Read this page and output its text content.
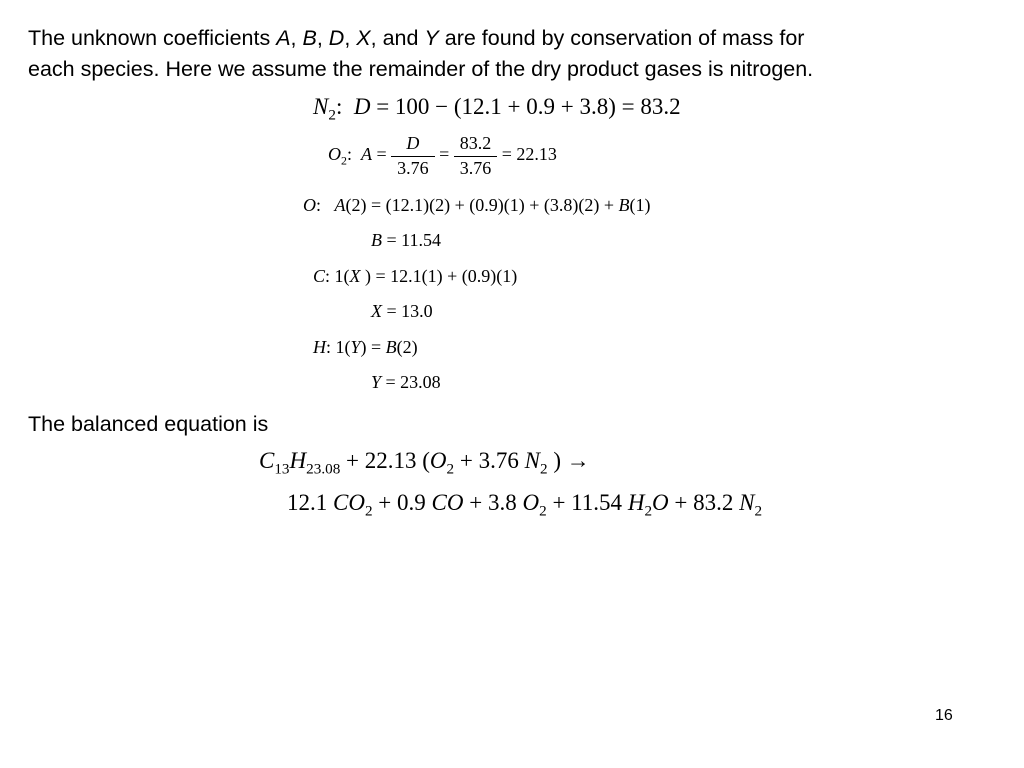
The unknown coefficients A, B, D, X, and Y are found by conservation of mass for
each species. Here we assume the remainder of the dry product gases is nitrogen.

$N_2$: D = 100 − (12.1 + 0.9 + 3.8) = 83.2
$O_2$: $A = \frac{D}{3.76} = \frac{83.2}{3.76} = 22.13$
O: A(2) = (12.1)(2) + (0.9)(1) + (3.8)(2) + B(1)
B = 11.54
C: 1(X ) = 12.1(1) + (0.9)(1)
X = 13.0
H: 1(Y) = B(2)
Y = 23.08

The balanced equation is

$C_{13}H_{23.08} + 22.13$ ($O_2 + 3.76$ $N_2$ ) →
12.1 $CO_2 + 0.9$ CO + 3.8 $O_2 + 11.54$ $H_2O + 83.2$ $N_2$
16
